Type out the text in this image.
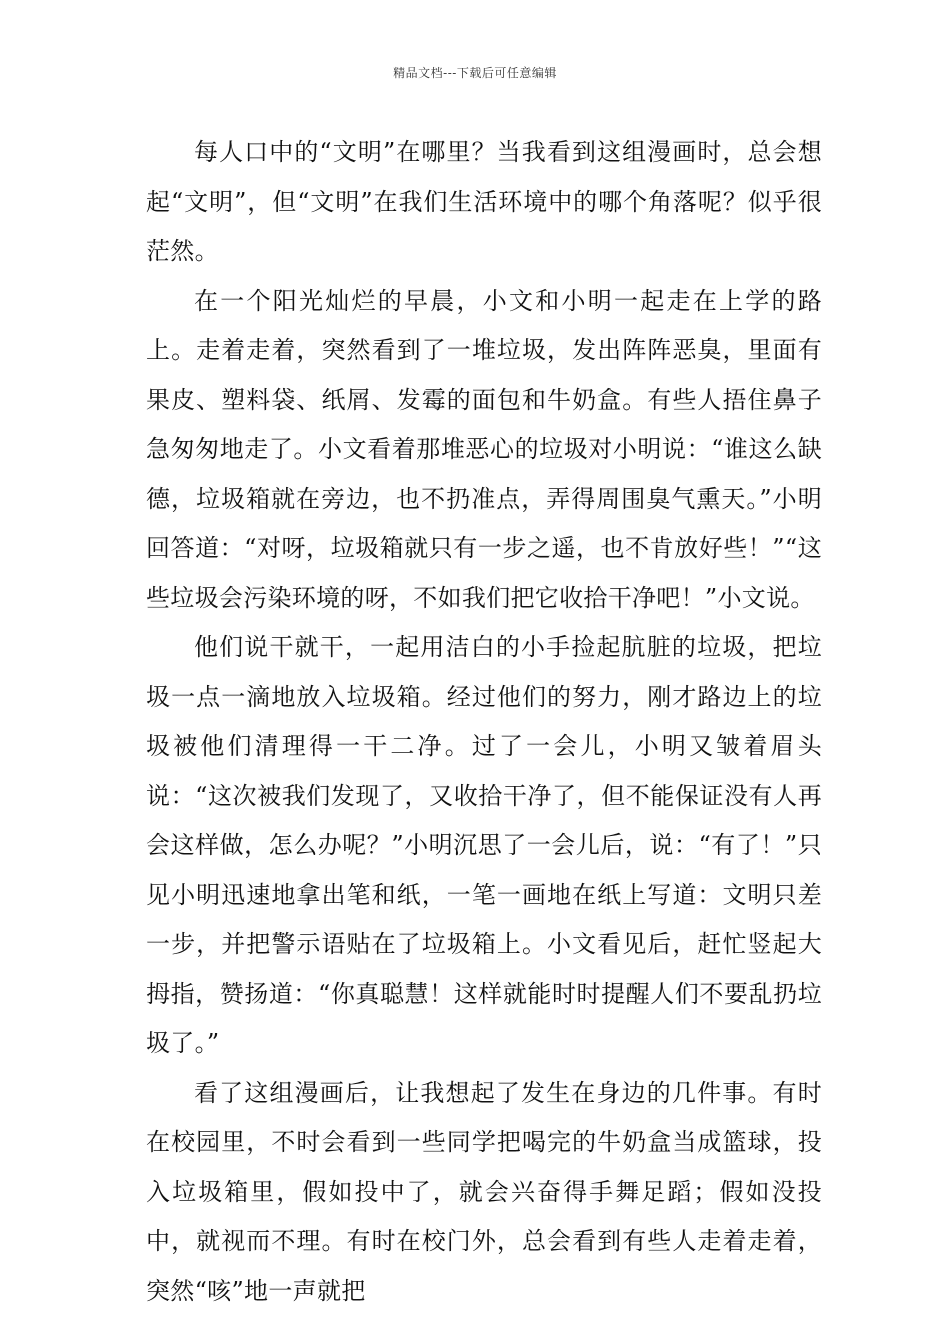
精品文档---下载后可任意编辑

每人口中的“文明”在哪里？当我看到这组漫画时，总会想起“文明”，但“文明”在我们生活环境中的哪个角落呢？似乎很茫然。

在一个阳光灿烂的早晨，小文和小明一起走在上学的路上。走着走着，突然看到了一堆垃圾，发出阵阵恶臭，里面有果皮、塑料袋、纸屑、发霉的面包和牛奶盒。有些人捂住鼻子急匆匆地走了。小文看着那堆恶心的垃圾对小明说：“谁这么缺德，垃圾箱就在旁边，也不扔准点，弄得周围臭气熏天。”小明回答道：“对呀，垃圾箱就只有一步之遥，也不肯放好些！”“这些垃圾会污染环境的呀，不如我们把它收拾干净吧！”小文说。

他们说干就干，一起用洁白的小手捡起肮脏的垃圾，把垃圾一点一滴地放入垃圾箱。经过他们的努力，刚才路边上的垃圾被他们清理得一干二净。过了一会儿，小明又皱着眉头说：“这次被我们发现了，又收拾干净了，但不能保证没有人再会这样做，怎么办呢？”小明沉思了一会儿后，说：“有了！”只见小明迅速地拿出笔和纸，一笔一画地在纸上写道：文明只差一步，并把警示语贴在了垃圾箱上。小文看见后，赶忙竖起大拇指，赞扬道：“你真聪慧！这样就能时时提醒人们不要乱扔垃圾了。”

看了这组漫画后，让我想起了发生在身边的几件事。有时在校园里，不时会看到一些同学把喝完的牛奶盒当成篮球，投入垃圾箱里，假如投中了，就会兴奋得手舞足蹈；假如没投中，就视而不理。有时在校门外，总会看到有些人走着走着，突然“咳”地一声就把
